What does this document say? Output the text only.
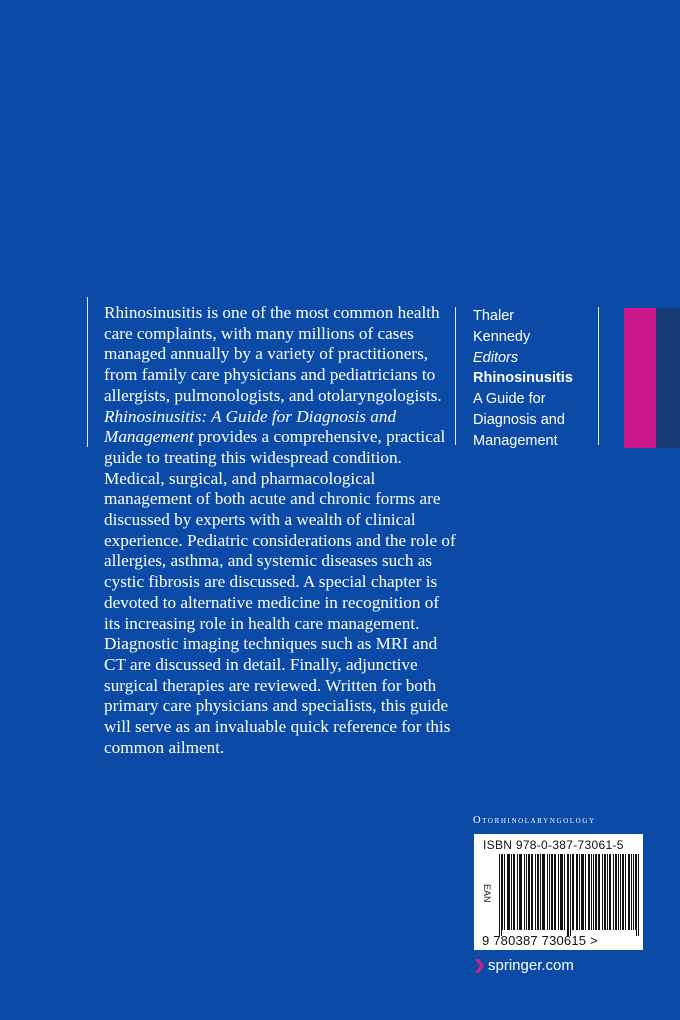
Rhinosinusitis is one of the most common health care complaints, with many millions of cases managed annually by a variety of practitioners, from family care physicians and pediatricians to allergists, pulmonologists, and otolaryngologists. Rhinosinusitis: A Guide for Diagnosis and Management provides a comprehensive, practical guide to treating this widespread condition. Medical, surgical, and pharmacological management of both acute and chronic forms are discussed by experts with a wealth of clinical experience. Pediatric considerations and the role of allergies, asthma, and systemic diseases such as cystic fibrosis are discussed. A special chapter is devoted to alternative medicine in recognition of its increasing role in health care management. Diagnostic imaging techniques such as MRI and CT are discussed in detail. Finally, adjunctive surgical therapies are reviewed. Written for both primary care physicians and specialists, this guide will serve as an invaluable quick reference for this common ailment.
Thaler
Kennedy
Editors
Rhinosinusitis
A Guide for
Diagnosis and
Management
Otorhinolaryngology
ISBN 978-0-387-73061-5
EAN
9 780387 730615 >
springer.com
